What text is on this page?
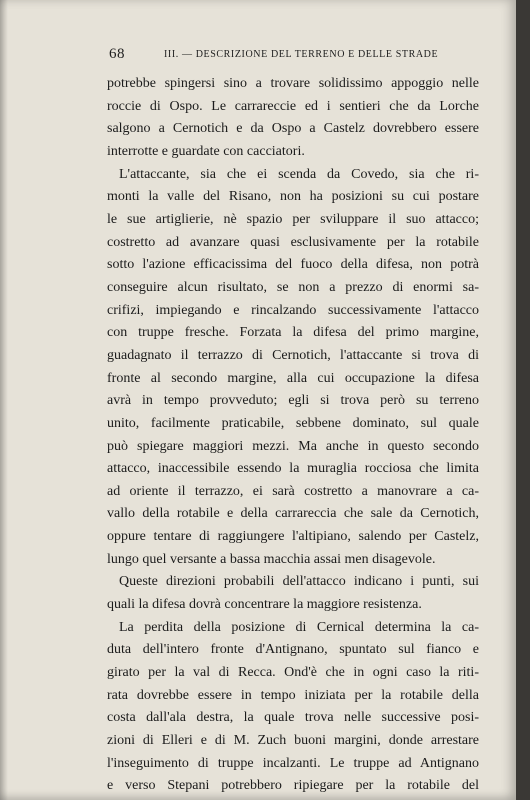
68	III. — DESCRIZIONE DEL TERRENO E DELLE STRADE
potrebbe spingersi sino a trovare solidissimo appoggio nelle
roccie di Ospo. Le carrareccie ed i sentieri che da Lorche
salgono a Cernotich e da Ospo a Castelz dovrebbero essere
interrotte e guardate con cacciatori.
L'attaccante, sia che ei scenda da Covedo, sia che ri-
monti la valle del Risano, non ha posizioni su cui postare
le sue artiglierie, nè spazio per sviluppare il suo attacco;
costretto ad avanzare quasi esclusivamente per la rotabile
sotto l'azione efficacissima del fuoco della difesa, non potrà
conseguire alcun risultato, se non a prezzo di enormi sa-
crifizi, impiegando e rincalzando successivamente l'attacco
con truppe fresche. Forzata la difesa del primo margine,
guadagnato il terrazzo di Cernotich, l'attaccante si trova di
fronte al secondo margine, alla cui occupazione la difesa
avrà in tempo provveduto; egli si trova però su terreno
unito, facilmente praticabile, sebbene dominato, sul quale
può spiegare maggiori mezzi. Ma anche in questo secondo
attacco, inaccessibile essendo la muraglia rocciosa che limita
ad oriente il terrazzo, ei sarà costretto a manovrare a ca-
vallo della rotabile e della carrareccia che sale da Cernotich,
oppure tentare di raggiungere l'altipiano, salendo per Castelz,
lungo quel versante a bassa macchia assai men disagevole.
Queste direzioni probabili dell'attacco indicano i punti, sui
quali la difesa dovrà concentrare la maggiore resistenza.
La perdita della posizione di Cernical determina la ca-
duta dell'intero fronte d'Antignano, spuntato sul fianco e
girato per la val di Recca. Ond'è che in ogni caso la riti-
rata dovrebbe essere in tempo iniziata per la rotabile della
costa dall'ala destra, la quale trova nelle successive posi-
zioni di Elleri e di M. Zuch buoni margini, donde arrestare
l'inseguimento di truppe incalzanti. Le truppe ad Antignano
e verso Stepani potrebbero ripiegare per la rotabile del
